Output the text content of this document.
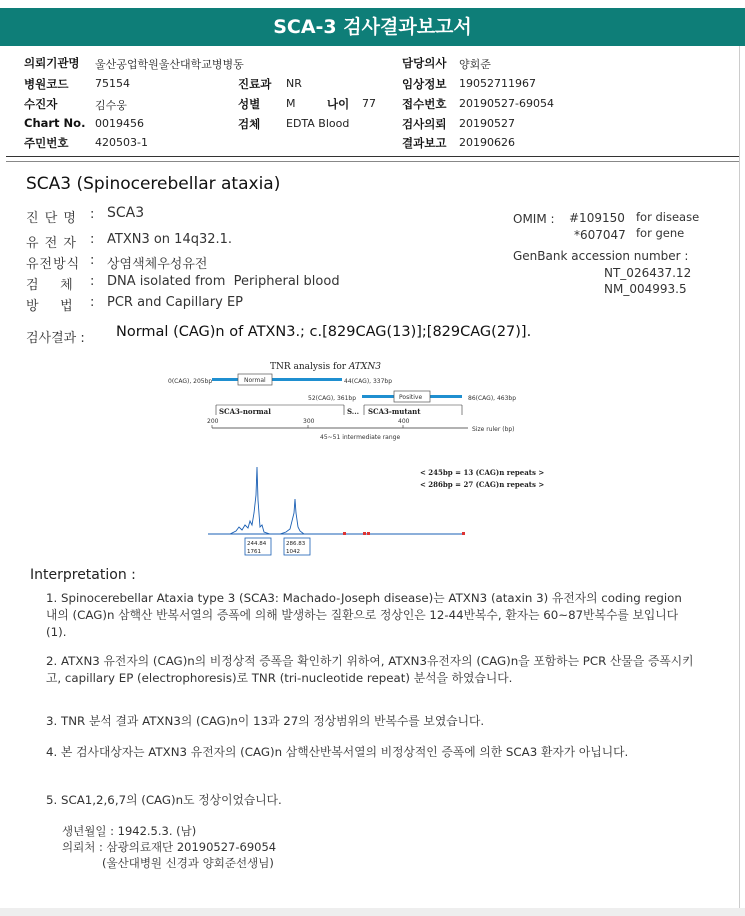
SCA-3 검사결과보고서
의뢰기관명 울산공업학원울산대학교병병동	담당의사 양회준
병원코드 75154	진료과 NR	임상정보 19052711967
수진자	김수웅	성별 M	나이 77 접수번호 20190527-69054
Chart No. 0019456	검체 EDTA Blood	검사의뢰 20190527
주민번호 420503-1	결과보고 20190626
SCA3 (Spinocerebellar ataxia)
진 단 명 : SCA3
유 전 자 : ATXN3 on 14q32.1.
유전방식 : 상염색체우성유전
검    체 : DNA isolated from  Peripheral blood
방    법 : PCR and Capillary EP
OMIM : #109150 for disease
*607047 for gene
GenBank accession number :
NT_026437.12
NM_004993.5
검사결과 : Normal (CAG)n of ATXN3.; c.[829CAG(13)];[829CAG(27)].
TNR analysis for ATXN3
0(CAG), 205bp	Normal	44(CAG), 337bp
52(CAG), 361bp	Positive	86(CAG), 463bp
SCA3-normal	S... SCA3-mutant
200	300	400
Size ruler (bp)
45~51 intermediate range
< 245bp = 13 (CAG)n repeats >
< 286bp = 27 (CAG)n repeats >
244.84
1761
286.83
1042
Interpretation :
1. Spinocerebellar Ataxia type 3 (SCA3: Machado-Joseph disease)는 ATXN3 (ataxin 3) 유전자의 coding region 내의 (CAG)n 삼핵산 반복서열의 증폭에 의해 발생하는 질환으로 정상인은 12-44반복수, 환자는 60~87반복수를 보입니다 (1).
2. ATXN3 유전자의 (CAG)n의 비정상적 증폭을 확인하기 위하여, ATXN3유전자의 (CAG)n을 포함하는 PCR 산물을 증폭시키고, capillary EP (electrophoresis)로 TNR (tri-nucleotide repeat) 분석을 하였습니다.
3. TNR 분석 결과 ATXN3의 (CAG)n이 13과 27의 정상범위의 반복수를 보였습니다.
4. 본 검사대상자는 ATXN3 유전자의 (CAG)n 삼핵산반복서열의 비정상적인 증폭에 의한 SCA3 환자가 아닙니다.
5. SCA1,2,6,7의 (CAG)n도 정상이었습니다.
생년월일 : 1942.5.3. (남)
의뢰처 : 삼광의료재단 20190527-69054
(울산대병원 신경과 양회준선생님)
